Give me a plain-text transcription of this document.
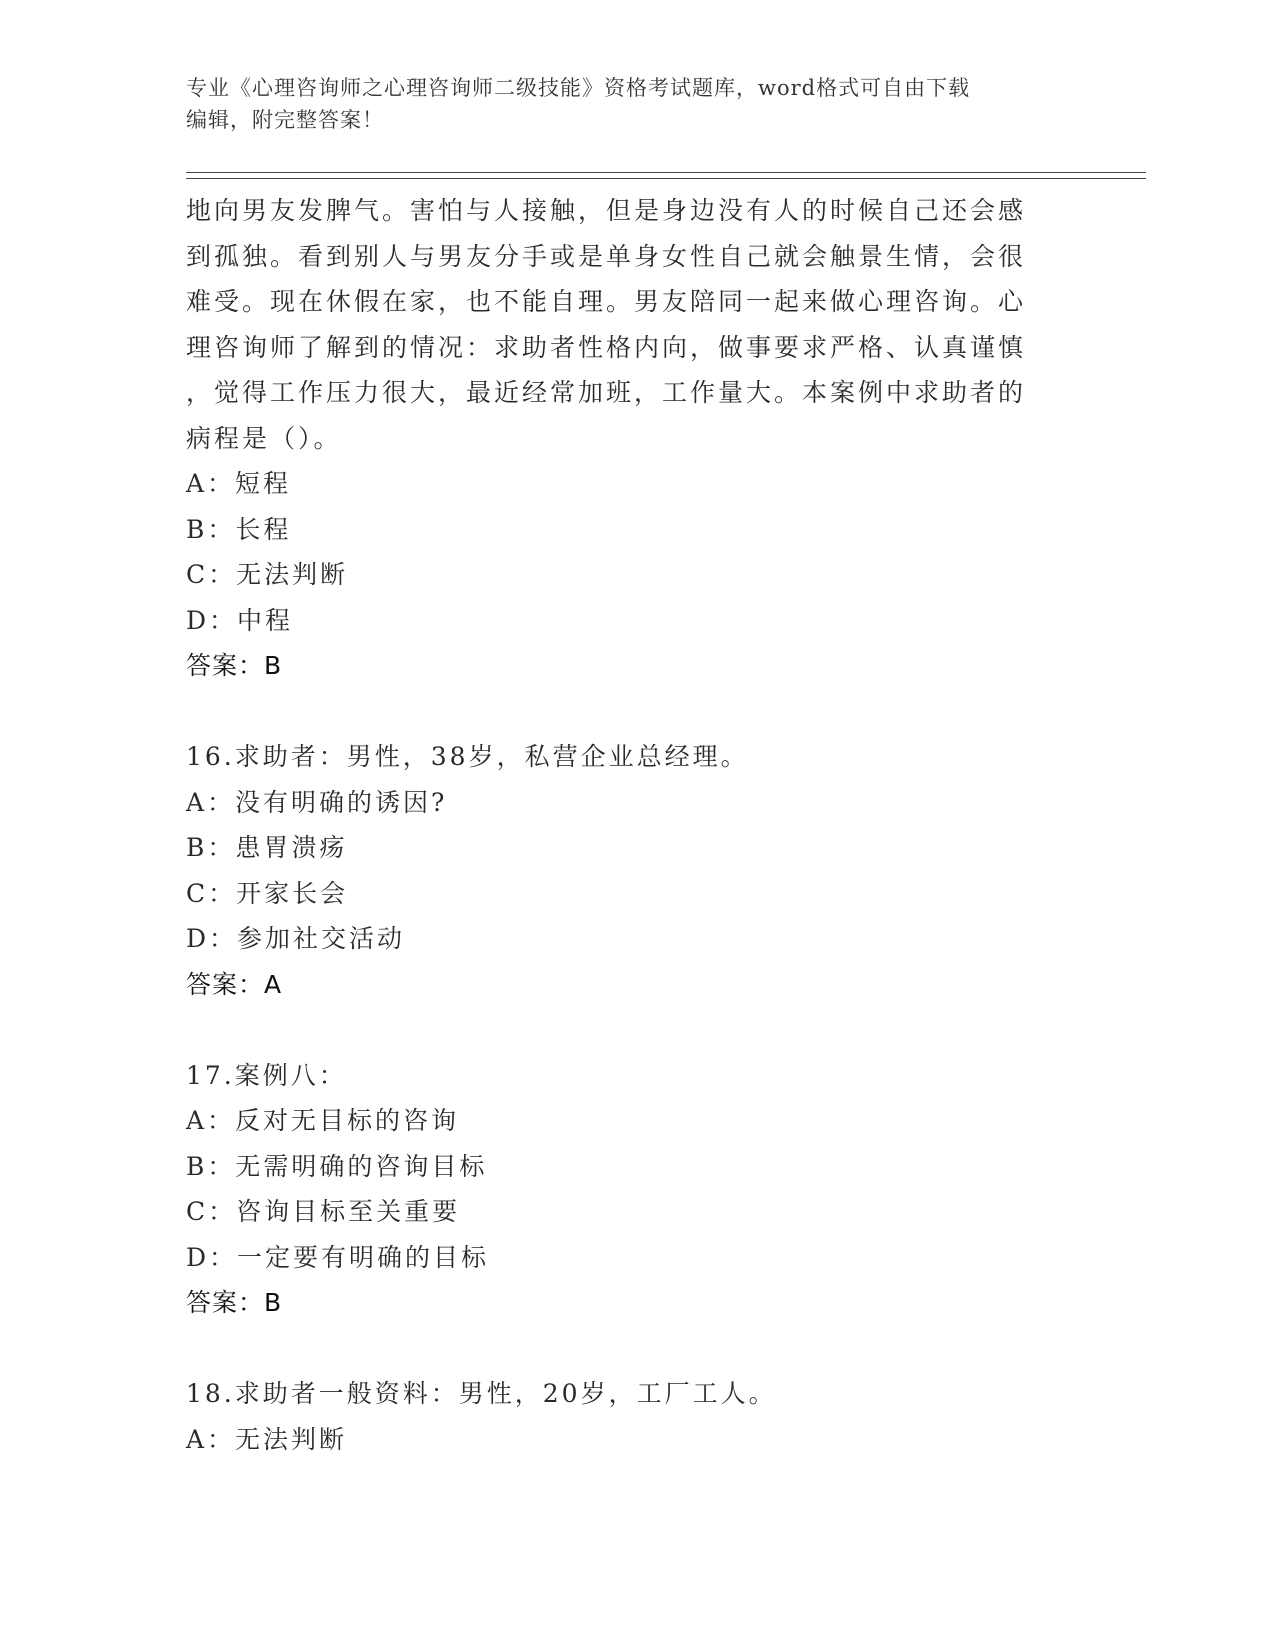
专业《心理咨询师之心理咨询师二级技能》资格考试题库，word格式可自由下载
编辑，附完整答案！
地向男友发脾气。害怕与人接触，但是身边没有人的时候自己还会感
到孤独。看到别人与男友分手或是单身女性自己就会触景生情，会很
难受。现在休假在家，也不能自理。男友陪同一起来做心理咨询。心
理咨询师了解到的情况：求助者性格内向，做事要求严格、认真谨慎
，觉得工作压力很大，最近经常加班，工作量大。本案例中求助者的
病程是（）。
A：短程
B：长程
C：无法判断
D：中程
答案：B
16.求助者：男性，38岁，私营企业总经理。
A：没有明确的诱因?
B：患胃溃疡
C：开家长会
D：参加社交活动
答案：A
17.案例八：
A：反对无目标的咨询
B：无需明确的咨询目标
C：咨询目标至关重要
D：一定要有明确的目标
答案：B
18.求助者一般资料：男性，20岁，工厂工人。
A：无法判断
